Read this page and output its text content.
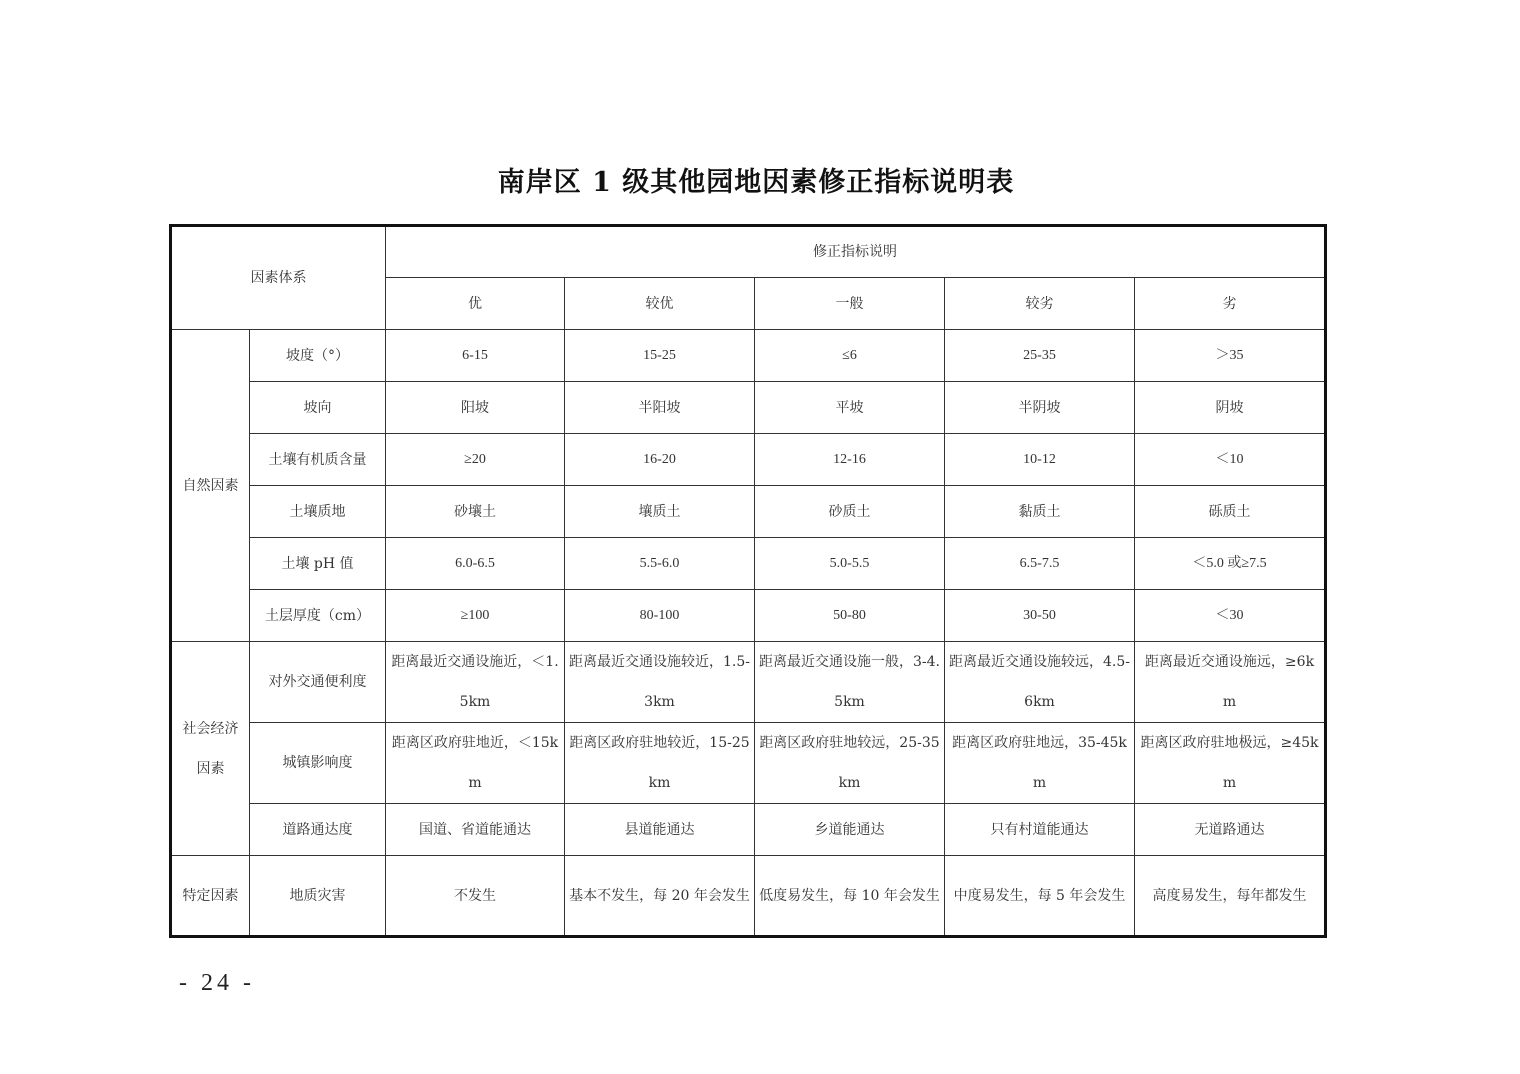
南岸区 1 级其他园地因素修正指标说明表
因素体系		修正指标说明				
		优	较优	一般	较劣	劣
自然因素	坡度（°）	6-15	15-25	≤6	25-35	＞35
	坡向	阳坡	半阳坡	平坡	半阴坡	阴坡
	土壤有机质含量	≥20	16-20	12-16	10-12	＜10
	土壤质地	砂壤土	壤质土	砂质土	黏质土	砾质土
	土壤 pH 值	6.0-6.5	5.5-6.0	5.0-5.5	6.5-7.5	＜5.0 或≥7.5
	土层厚度（cm）	≥100	80-100	50-80	30-50	＜30
社会经济因素	对外交通便利度	距离最近交通设施近，＜1.5km	距离最近交通设施较近，1.5-3km	距离最近交通设施一般，3-4.5km	距离最近交通设施较远，4.5-6km	距离最近交通设施远，≥6km
	城镇影响度	距离区政府驻地近，＜15km	距离区政府驻地较近，15-25km	距离区政府驻地较远，25-35km	距离区政府驻地远，35-45km	距离区政府驻地极远，≥45km
	道路通达度	国道、省道能通达	县道能通达	乡道能通达	只有村道能通达	无道路通达
特定因素	地质灾害	不发生	基本不发生，每 20 年会发生	低度易发生，每 10 年会发生	中度易发生，每 5 年会发生	高度易发生，每年都发生
- 24 -
